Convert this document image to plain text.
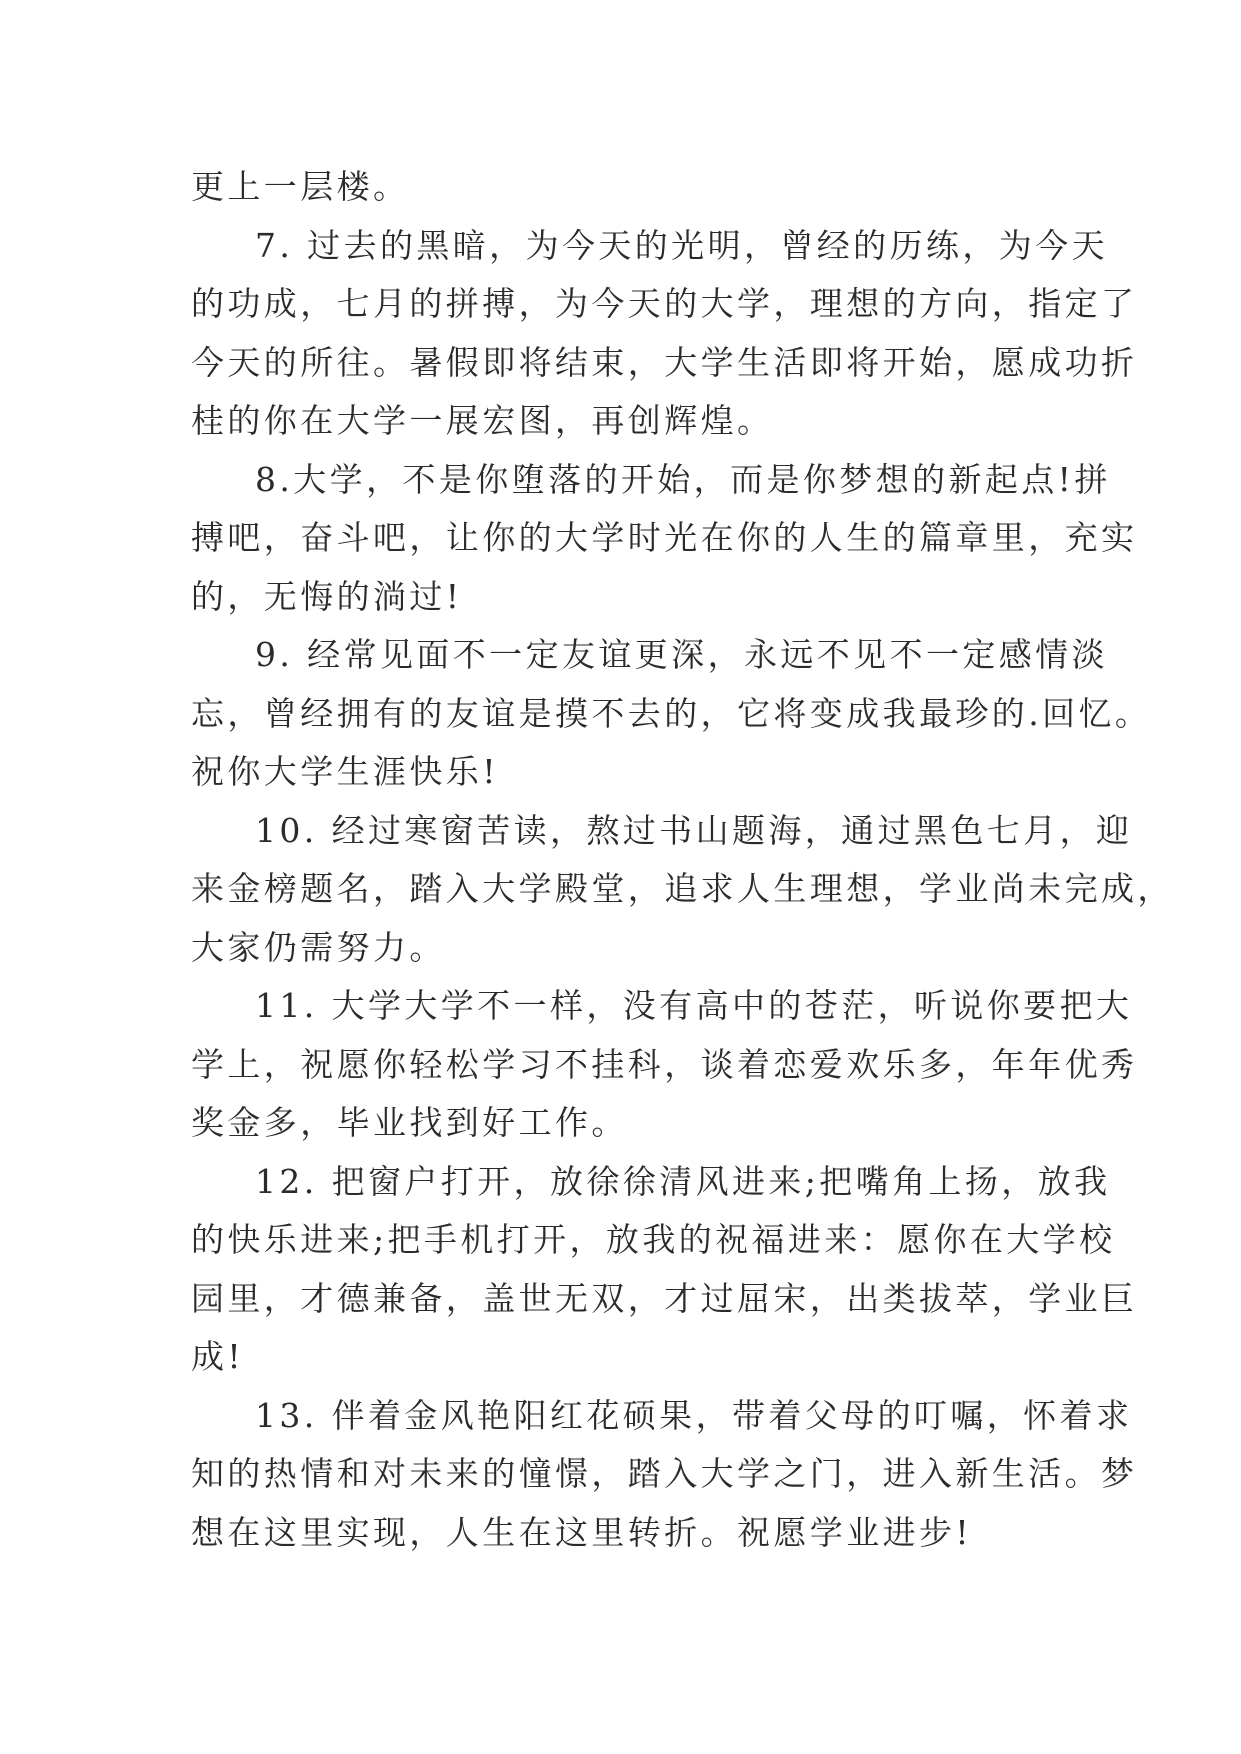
更上一层楼。
7. 过去的黑暗，为今天的光明，曾经的历练，为今天
的功成，七月的拼搏，为今天的大学，理想的方向，指定了
今天的所往。暑假即将结束，大学生活即将开始，愿成功折
桂的你在大学一展宏图，再创辉煌。
8.大学，不是你堕落的开始，而是你梦想的新起点!拼
搏吧，奋斗吧，让你的大学时光在你的人生的篇章里，充实
的，无悔的淌过!
9. 经常见面不一定友谊更深，永远不见不一定感情淡
忘，曾经拥有的友谊是摸不去的，它将变成我最珍的.回忆。
祝你大学生涯快乐!
10. 经过寒窗苦读，熬过书山题海，通过黑色七月，迎
来金榜题名，踏入大学殿堂，追求人生理想，学业尚未完成，
大家仍需努力。
11. 大学大学不一样，没有高中的苍茫，听说你要把大
学上，祝愿你轻松学习不挂科，谈着恋爱欢乐多，年年优秀
奖金多，毕业找到好工作。
12. 把窗户打开，放徐徐清风进来;把嘴角上扬，放我
的快乐进来;把手机打开，放我的祝福进来：愿你在大学校
园里，才德兼备，盖世无双，才过屈宋，出类拔萃，学业巨
成!
13. 伴着金风艳阳红花硕果，带着父母的叮嘱，怀着求
知的热情和对未来的憧憬，踏入大学之门，进入新生活。梦
想在这里实现，人生在这里转折。祝愿学业进步!
